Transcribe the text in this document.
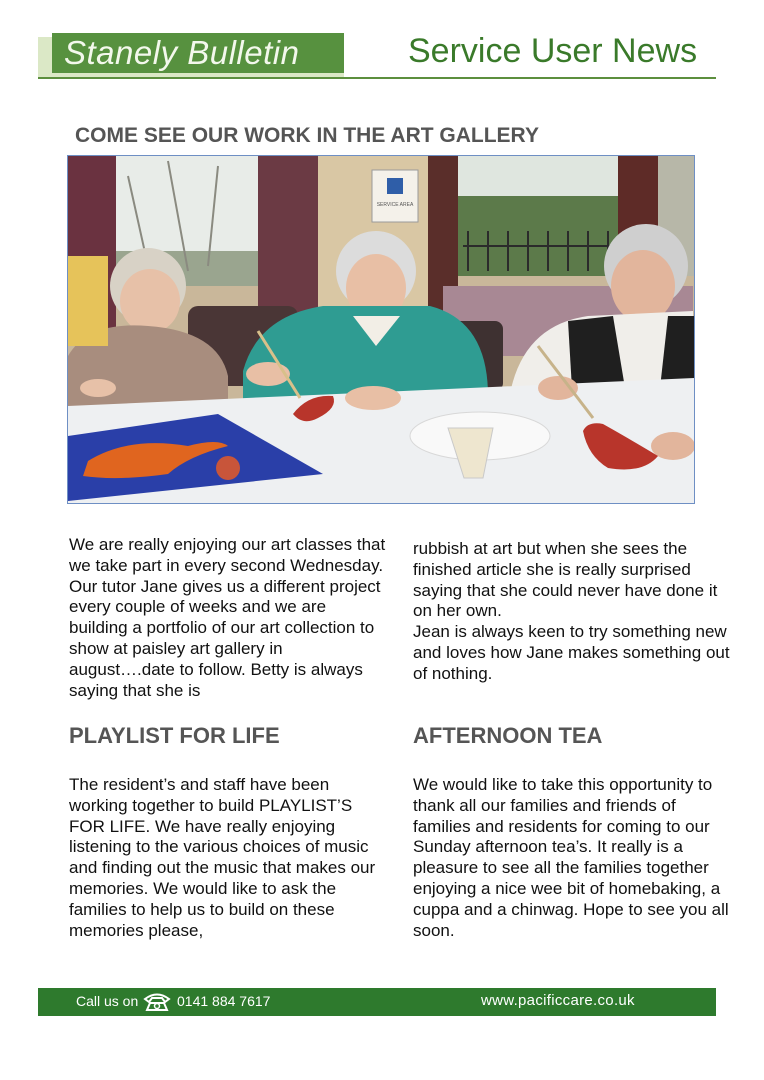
Stanely Bulletin	Service User News
COME SEE OUR WORK IN THE ART GALLERY
SERVICE AREA

We are really enjoying our art classes that we take part in every second Wednesday. Our tutor Jane gives us a different project every couple of weeks and we are building a portfolio of our art collection to show at paisley art gallery in august….date to follow. Betty is always saying that she is

rubbish at art but when she sees the finished article she is really surprised saying that she could never have done it on her own.

Jean is always keen to try something new and loves how Jane makes something out of nothing.

PLAYLIST FOR LIFE

The resident’s and staff have been working together to build PLAYLIST’S FOR LIFE. We have really enjoying listening to the various choices of music and finding out the music that makes our memories. We would like to ask the families to help us to build on these memories please,

AFTERNOON TEA

We would like to take this opportunity to thank all our families and friends of families and residents for coming to our Sunday afternoon tea’s. It really is a pleasure to see all the families together enjoying a nice wee bit of homebaking, a cuppa and a chinwag. Hope to see you all soon.

Call us on	0141 884 7617	www.pacificcare.co.uk
